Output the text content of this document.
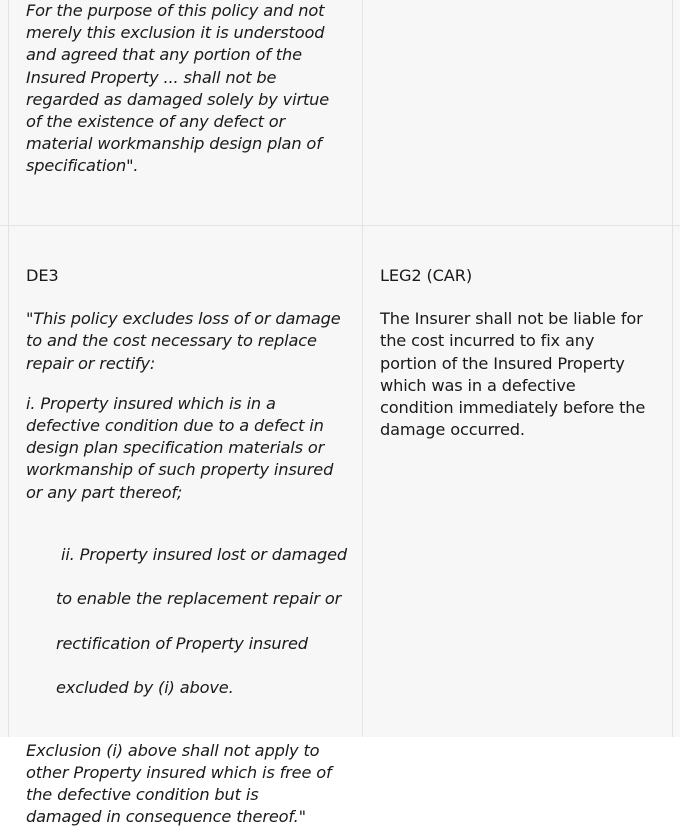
For the purpose of this policy and not
merely this exclusion it is understood
and agreed that any portion of the
Insured Property ... shall not be
regarded as damaged solely by virtue
of the existence of any defect or
material workmanship design plan of
specification".

DE3

"This policy excludes loss of or damage
to and the cost necessary to replace
repair or rectify:

i. Property insured which is in a
defective condition due to a defect in
design plan specification materials or
workmanship of such property insured
or any part thereof;

ii. Property insured lost or damaged

to enable the replacement repair or

rectification of Property insured

excluded by (i) above.

Exclusion (i) above shall not apply to
other Property insured which is free of
the defective condition but is
damaged in consequence thereof."

LEG2 (CAR)

The Insurer shall not be liable for
the cost incurred to fix any
portion of the Insured Property
which was in a defective
condition immediately before the
damage occurred.
